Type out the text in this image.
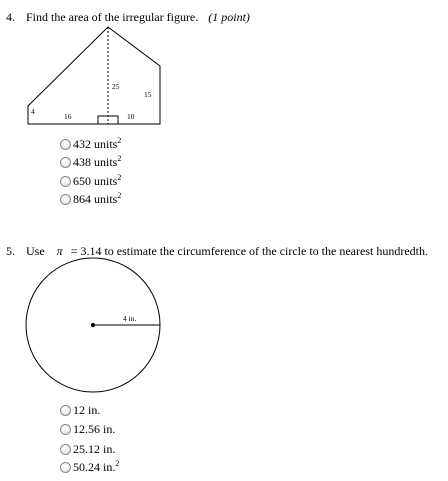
4. Find the area of the irregular figure. (1 point)
4
16
25
10
15
432 units$^2$
438 units$^2$
650 units$^2$
864 units$^2$
5. Use π = 3.14 to estimate the circumference of the circle to the nearest hundredth.
4 in.
12 in.
12.56 in.
25.12 in.
50.24 in.$^2$
